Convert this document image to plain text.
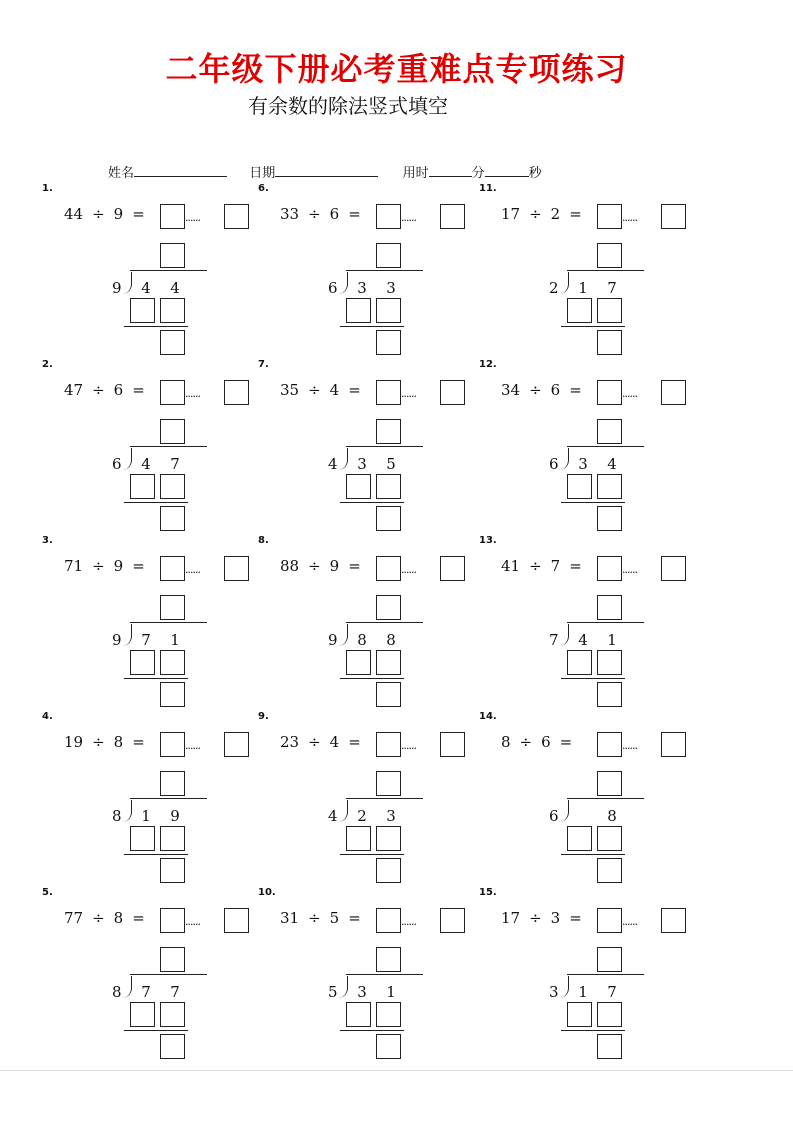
二年级下册必考重难点专项练习
有余数的除法竖式填空
姓名	日期	用时	分	秒
1.
44 ÷ 9 =	······
9 4 4
2.
47 ÷ 6 =	······
6 4 7
3.
71 ÷ 9 =	······
9 7 1
4.
19 ÷ 8 =	······
8 1 9
5.
77 ÷ 8 =	······
8 7 7
6.
33 ÷ 6 =	······
6 3 3
7.
35 ÷ 4 =	······
4 3 5
8.
88 ÷ 9 =	······
9 8 8
9.
23 ÷ 4 =	······
4 2 3
10.
31 ÷ 5 =	······
5 3 1
11.
17 ÷ 2 =	······
2 1 7
12.
34 ÷ 6 =	······
6 3 4
13.
41 ÷ 7 =	······
7 4 1
14.
8 ÷ 6 =	······
6	8
15.
17 ÷ 3 =	······
3 1 7
